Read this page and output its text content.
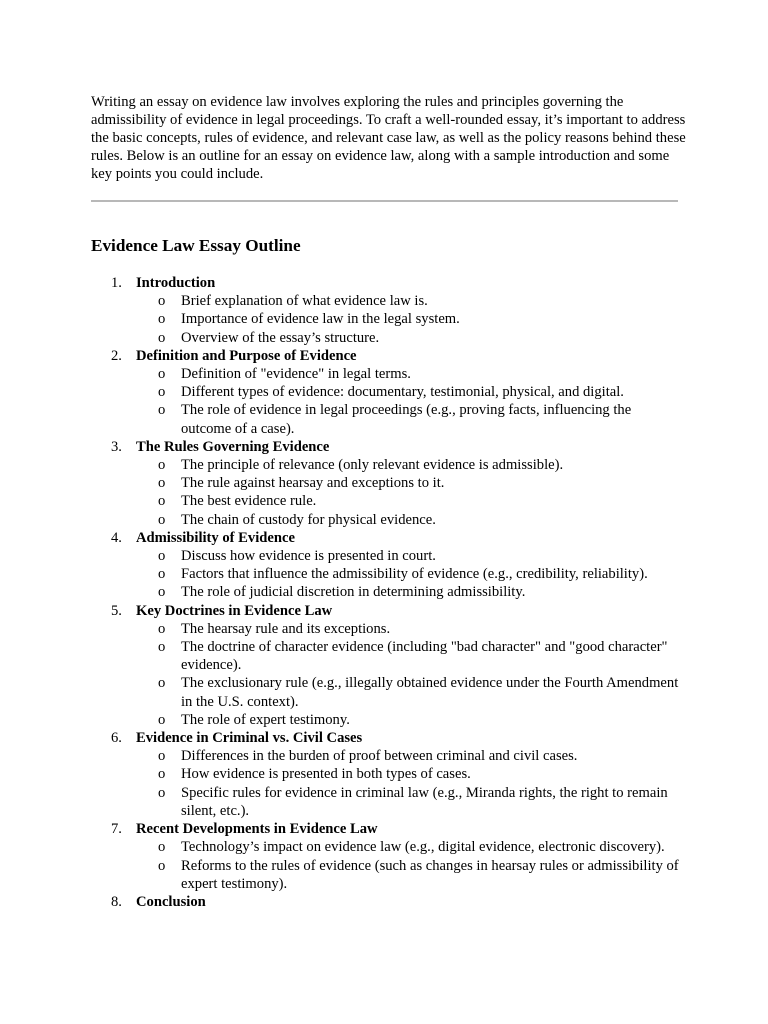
Writing an essay on evidence law involves exploring the rules and principles governing the admissibility of evidence in legal proceedings. To craft a well-rounded essay, it’s important to address the basic concepts, rules of evidence, and relevant case law, as well as the policy reasons behind these rules. Below is an outline for an essay on evidence law, along with a sample introduction and some key points you could include.

Evidence Law Essay Outline
1. Introduction
o Brief explanation of what evidence law is.
o Importance of evidence law in the legal system.
o Overview of the essay’s structure.
2. Definition and Purpose of Evidence
o Definition of "evidence" in legal terms.
o Different types of evidence: documentary, testimonial, physical, and digital.
o The role of evidence in legal proceedings (e.g., proving facts, influencing the outcome of a case).
3. The Rules Governing Evidence
o The principle of relevance (only relevant evidence is admissible).
o The rule against hearsay and exceptions to it.
o The best evidence rule.
o The chain of custody for physical evidence.
4. Admissibility of Evidence
o Discuss how evidence is presented in court.
o Factors that influence the admissibility of evidence (e.g., credibility, reliability).
o The role of judicial discretion in determining admissibility.
5. Key Doctrines in Evidence Law
o The hearsay rule and its exceptions.
o The doctrine of character evidence (including "bad character" and "good character" evidence).
o The exclusionary rule (e.g., illegally obtained evidence under the Fourth Amendment in the U.S. context).
o The role of expert testimony.
6. Evidence in Criminal vs. Civil Cases
o Differences in the burden of proof between criminal and civil cases.
o How evidence is presented in both types of cases.
o Specific rules for evidence in criminal law (e.g., Miranda rights, the right to remain silent, etc.).
7. Recent Developments in Evidence Law
o Technology’s impact on evidence law (e.g., digital evidence, electronic discovery).
o Reforms to the rules of evidence (such as changes in hearsay rules or admissibility of expert testimony).
8. Conclusion
